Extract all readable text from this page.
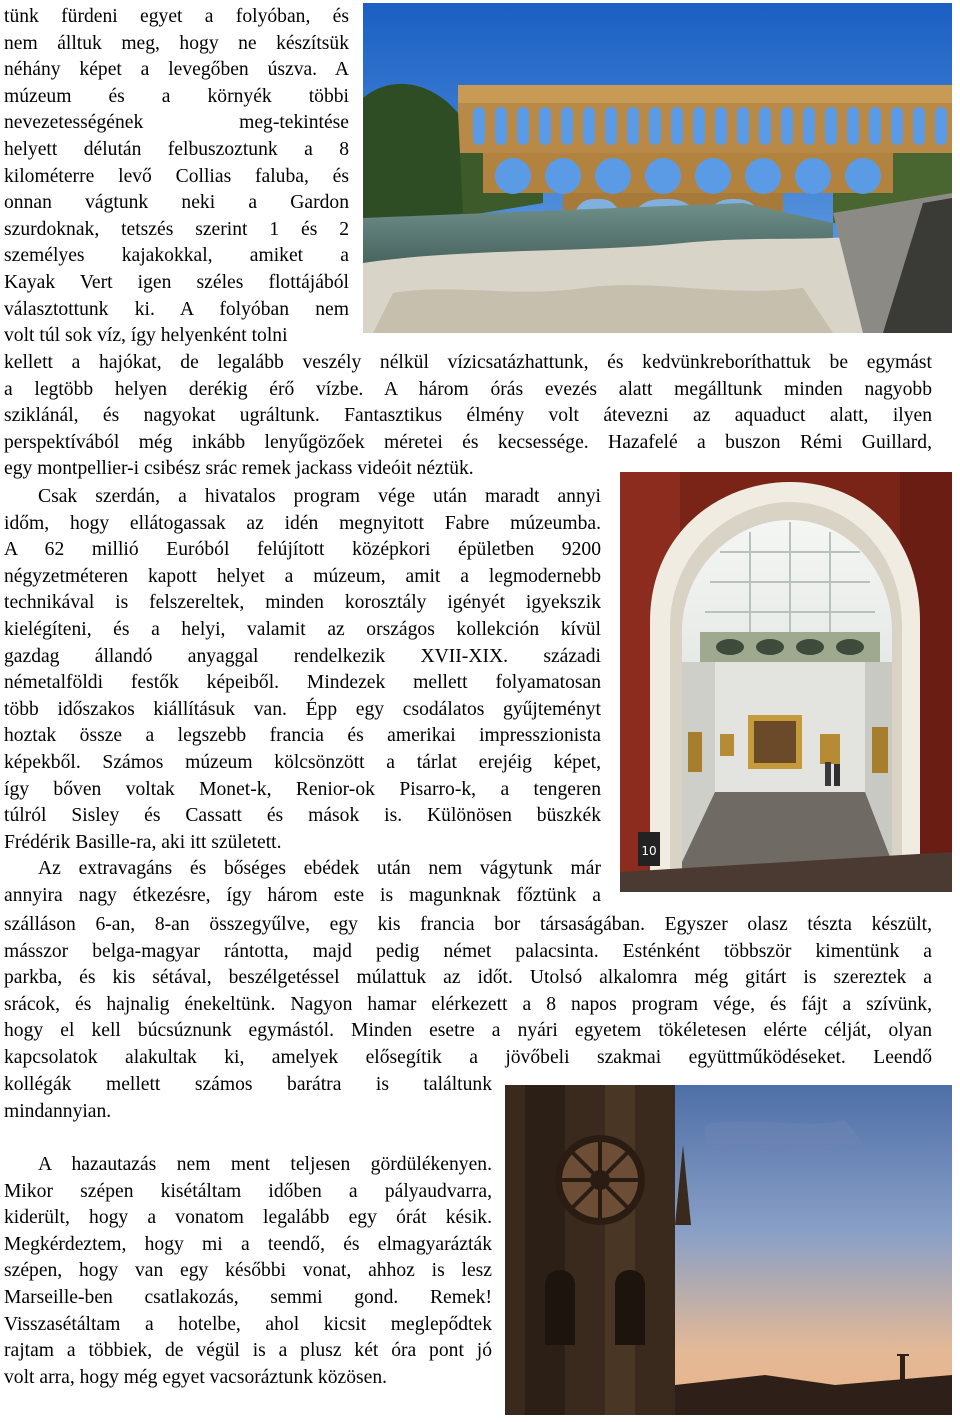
tünk fürdeni egyet a folyóban, és
nem álltuk meg, hogy ne készítsük
néhány képet a levegőben úszva. A
múzeum és a környék többi
nevezetességének meg-tekintése
helyett délután felbuszoztunk a 8
kilométerre levő Collias faluba, és
onnan vágtunk neki a Gardon
szurdoknak, tetszés szerint 1 és 2
személyes kajakokkal, amiket a
Kayak Vert igen széles flottájából
választottunk ki. A folyóban nem
volt túl sok víz, így helyenként tolni
kellett a hajókat, de legalább veszély nélkül vízicsatázhattunk, és kedvünkreboríthattuk be egymást
a legtöbb helyen derékig érő vízbe. A három órás evezés alatt megálltunk minden nagyobb
sziklánál, és nagyokat ugráltunk. Fantasztikus élmény volt átevezni az aquaduct alatt, ilyen
perspektívából még inkább lenyűgözőek méretei és kecsessége. Hazafelé a buszon Rémi Guillard,
egy montpellier-i csibész srác remek jackass videóit néztük.
Csak szerdán, a hivatalos program vége után maradt annyi
időm, hogy ellátogassak az idén megnyitott Fabre múzeumba.
A 62 millió Euróból felújított középkori épületben 9200
négyzetméteren kapott helyet a múzeum, amit a legmodernebb
technikával is felszereltek, minden korosztály igényét igyekszik
kielégíteni, és a helyi, valamit az országos kollekción kívül
gazdag állandó anyaggal rendelkezik XVII-XIX. századi
németalföldi festők képeiből. Mindezek mellett folyamatosan
több időszakos kiállításuk van. Épp egy csodálatos gyűjteményt
hoztak össze a legszebb francia és amerikai impresszionista
képekből. Számos múzeum kölcsönzött a tárlat erejéig képet,
így bőven voltak Monet-k, Renior-ok Pisarro-k, a tengeren
túlról Sisley és Cassatt és mások is. Különösen büszkék
Frédérik Basille-ra, aki itt született.
Az extravagáns és bőséges ebédek után nem vágytunk már
annyira nagy étkezésre, így három este is magunknak főztünk a
szálláson 6-an, 8-an összegyűlve, egy kis francia bor társaságában. Egyszer olasz tészta készült,
másszor belga-magyar rántotta, majd pedig német palacsinta. Esténként többször kimentünk a
parkba, és kis sétával, beszélgetéssel múlattuk az időt. Utolsó alkalomra még gitárt is szereztek a
srácok, és hajnalig énekeltünk. Nagyon hamar elérkezett a 8 napos program vége, és fájt a szívünk,
hogy el kell búcsúznunk egymástól. Minden esetre a nyári egyetem tökéletesen elérte célját, olyan
kapcsolatok alakultak ki, amelyek elősegítik a jövőbeli szakmai együttműködéseket. Leendő
kollégák mellett számos barátra is találtunk
mindannyian.
A hazautazás nem ment teljesen gördülékenyen.
Mikor szépen kisétáltam időben a pályaudvarra,
kiderült, hogy a vonatom legalább egy órát késik.
Megkérdeztem, hogy mi a teendő, és elmagyarázták
szépen, hogy van egy későbbi vonat, ahhoz is lesz
Marseille-ben csatlakozás, semmi gond. Remek!
Visszasétáltam a hotelbe, ahol kicsit meglepődtek
rajtam a többiek, de végül is a plusz két óra pont jó
volt arra, hogy még egyet vacsoráztunk közösen.
10
